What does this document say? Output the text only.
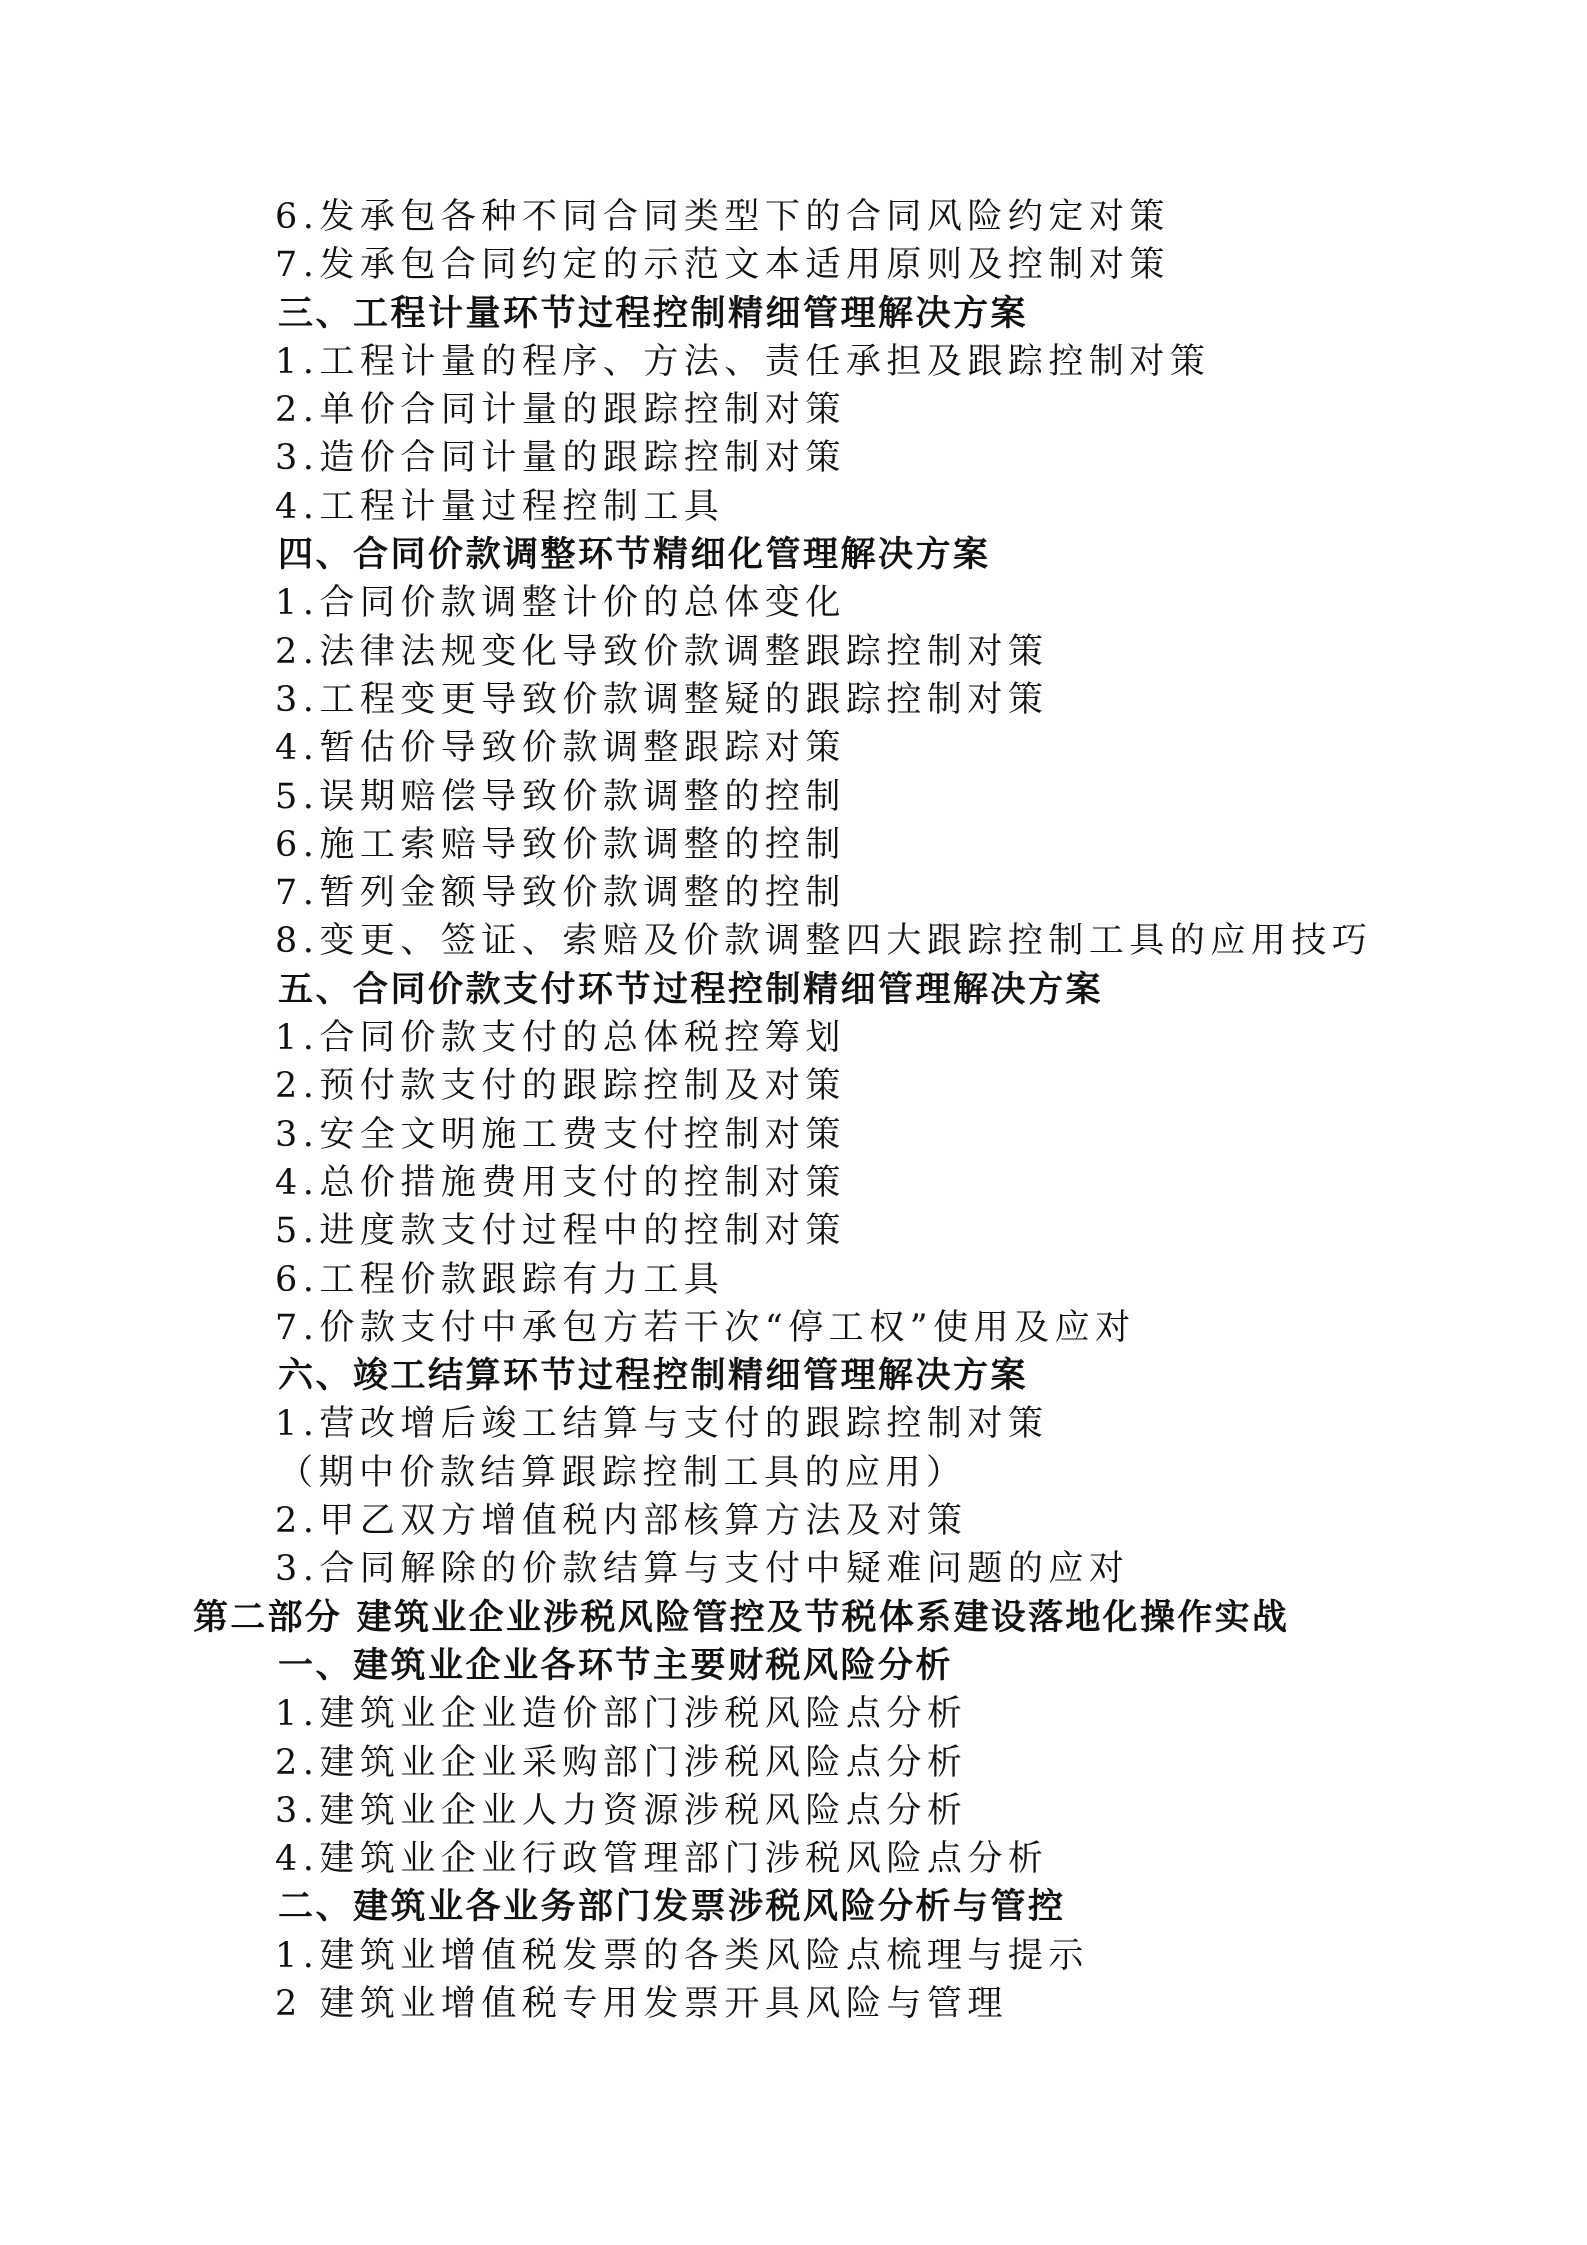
6.发承包各种不同合同类型下的合同风险约定对策
7.发承包合同约定的示范文本适用原则及控制对策
三、工程计量环节过程控制精细管理解决方案
1.工程计量的程序、方法、责任承担及跟踪控制对策
2.单价合同计量的跟踪控制对策
3.造价合同计量的跟踪控制对策
4.工程计量过程控制工具
四、合同价款调整环节精细化管理解决方案
1.合同价款调整计价的总体变化
2.法律法规变化导致价款调整跟踪控制对策
3.工程变更导致价款调整疑的跟踪控制对策
4.暂估价导致价款调整跟踪对策
5.误期赔偿导致价款调整的控制
6.施工索赔导致价款调整的控制
7.暂列金额导致价款调整的控制
8.变更、签证、索赔及价款调整四大跟踪控制工具的应用技巧
五、合同价款支付环节过程控制精细管理解决方案
1.合同价款支付的总体税控筹划
2.预付款支付的跟踪控制及对策
3.安全文明施工费支付控制对策
4.总价措施费用支付的控制对策
5.进度款支付过程中的控制对策
6.工程价款跟踪有力工具
7.价款支付中承包方若干次“停工权”使用及应对
六、竣工结算环节过程控制精细管理解决方案
1.营改增后竣工结算与支付的跟踪控制对策
（期中价款结算跟踪控制工具的应用）
2.甲乙双方增值税内部核算方法及对策
3.合同解除的价款结算与支付中疑难问题的应对
第二部分 建筑业企业涉税风险管控及节税体系建设落地化操作实战
一、建筑业企业各环节主要财税风险分析
1.建筑业企业造价部门涉税风险点分析
2.建筑业企业采购部门涉税风险点分析
3.建筑业企业人力资源涉税风险点分析
4.建筑业企业行政管理部门涉税风险点分析
二、建筑业各业务部门发票涉税风险分析与管控
1.建筑业增值税发票的各类风险点梳理与提示
2 建筑业增值税专用发票开具风险与管理
